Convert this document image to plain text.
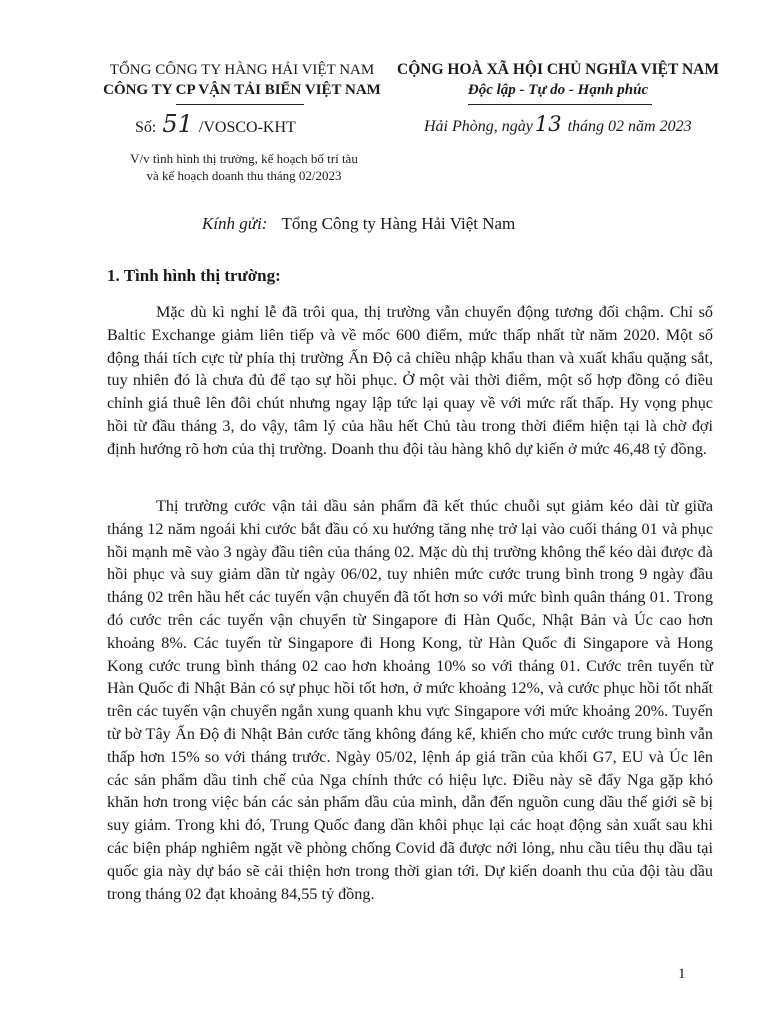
TỔNG CÔNG TY HÀNG HẢI VIỆT NAM
CÔNG TY CP VẬN TẢI BIỂN VIỆT NAM
CỘNG HOÀ XÃ HỘI CHỦ NGHĨA VIỆT NAM
Độc lập - Tự do - Hạnh phúc
Số: 51 /VOSCO-KHT	Hải Phòng, ngày13 tháng 02 năm 2023
V/v tình hình thị trường, kế hoạch bố trí tàu
và kế hoạch doanh thu tháng 02/2023
Kính gửi: Tổng Công ty Hàng Hải Việt Nam
1. Tình hình thị trường:
Mặc dù kì nghỉ lễ đã trôi qua, thị trường vẫn chuyển động tương đối chậm. Chỉ số Baltic Exchange giảm liên tiếp và về mốc 600 điểm, mức thấp nhất từ năm 2020. Một số động thái tích cực từ phía thị trường Ấn Độ cả chiều nhập khẩu than và xuất khẩu quặng sắt, tuy nhiên đó là chưa đủ để tạo sự hồi phục. Ở một vài thời điểm, một số hợp đồng có điều chỉnh giá thuê lên đôi chút nhưng ngay lập tức lại quay về với mức rất thấp. Hy vọng phục hồi từ đầu tháng 3, do vậy, tâm lý của hầu hết Chủ tàu trong thời điểm hiện tại là chờ đợi định hướng rõ hơn của thị trường. Doanh thu đội tàu hàng khô dự kiến ở mức 46,48 tỷ đồng.
Thị trường cước vận tải dầu sản phẩm đã kết thúc chuỗi sụt giảm kéo dài từ giữa tháng 12 năm ngoái khi cước bắt đầu có xu hướng tăng nhẹ trở lại vào cuối tháng 01 và phục hồi mạnh mẽ vào 3 ngày đầu tiên của tháng 02. Mặc dù thị trường không thể kéo dài được đà hồi phục và suy giảm dần từ ngày 06/02, tuy nhiên mức cước trung bình trong 9 ngày đầu tháng 02 trên hầu hết các tuyến vận chuyển đã tốt hơn so với mức bình quân tháng 01. Trong đó cước trên các tuyến vận chuyển từ Singapore đi Hàn Quốc, Nhật Bản và Úc cao hơn khoảng 8%. Các tuyến từ Singapore đi Hong Kong, từ Hàn Quốc đi Singapore và Hong Kong cước trung bình tháng 02 cao hơn khoảng 10% so với tháng 01. Cước trên tuyến từ Hàn Quốc đi Nhật Bản có sự phục hồi tốt hơn, ở mức khoảng 12%, và cước phục hồi tốt nhất trên các tuyến vận chuyển ngắn xung quanh khu vực Singapore với mức khoảng 20%. Tuyến từ bờ Tây Ấn Độ đi Nhật Bản cước tăng không đáng kể, khiến cho mức cước trung bình vẫn thấp hơn 15% so với tháng trước. Ngày 05/02, lệnh áp giá trần của khối G7, EU và Úc lên các sản phẩm dầu tinh chế của Nga chính thức có hiệu lực. Điều này sẽ đẩy Nga gặp khó khăn hơn trong việc bán các sản phẩm dầu của mình, dẫn đến nguồn cung dầu thế giới sẽ bị suy giảm. Trong khi đó, Trung Quốc đang dần khôi phục lại các hoạt động sản xuất sau khi các biện pháp nghiêm ngặt về phòng chống Covid đã được nới lỏng, nhu cầu tiêu thụ dầu tại quốc gia này dự báo sẽ cải thiện hơn trong thời gian tới. Dự kiến doanh thu của đội tàu dầu trong tháng 02 đạt khoảng 84,55 tỷ đồng.
1
